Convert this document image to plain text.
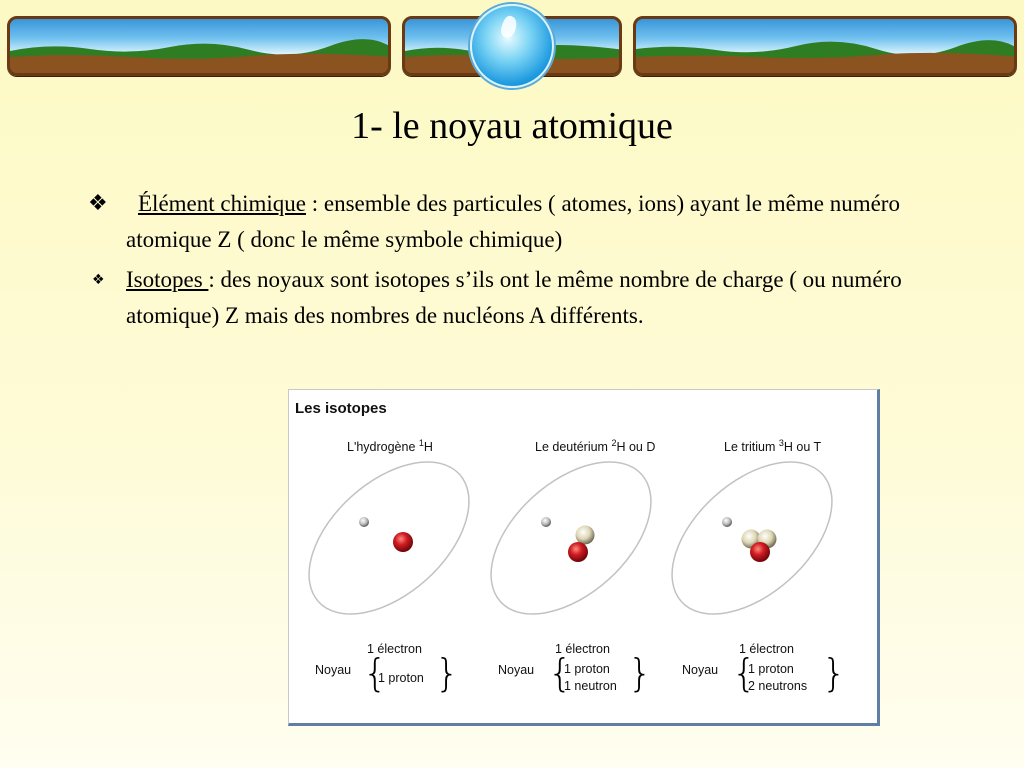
1- le noyau atomique
❖ Élément chimique : ensemble des particules ( atomes, ions) ayant le même numéro atomique Z ( donc le même symbole chimique)
❖ Isotopes : des noyaux sont isotopes s’ils ont le même nombre de charge ( ou numéro atomique) Z mais des nombres de nucléons A différents.
Les isotopes
L'hydrogène $^1$H	Le deutérium $^2$H ou D	Le tritium $^3$H ou T
1 électron
Noyau {
1 proton }
1 électron
Noyau {
1 proton
1 neutron }
1 électron
Noyau {
1 proton
2 neutrons }
